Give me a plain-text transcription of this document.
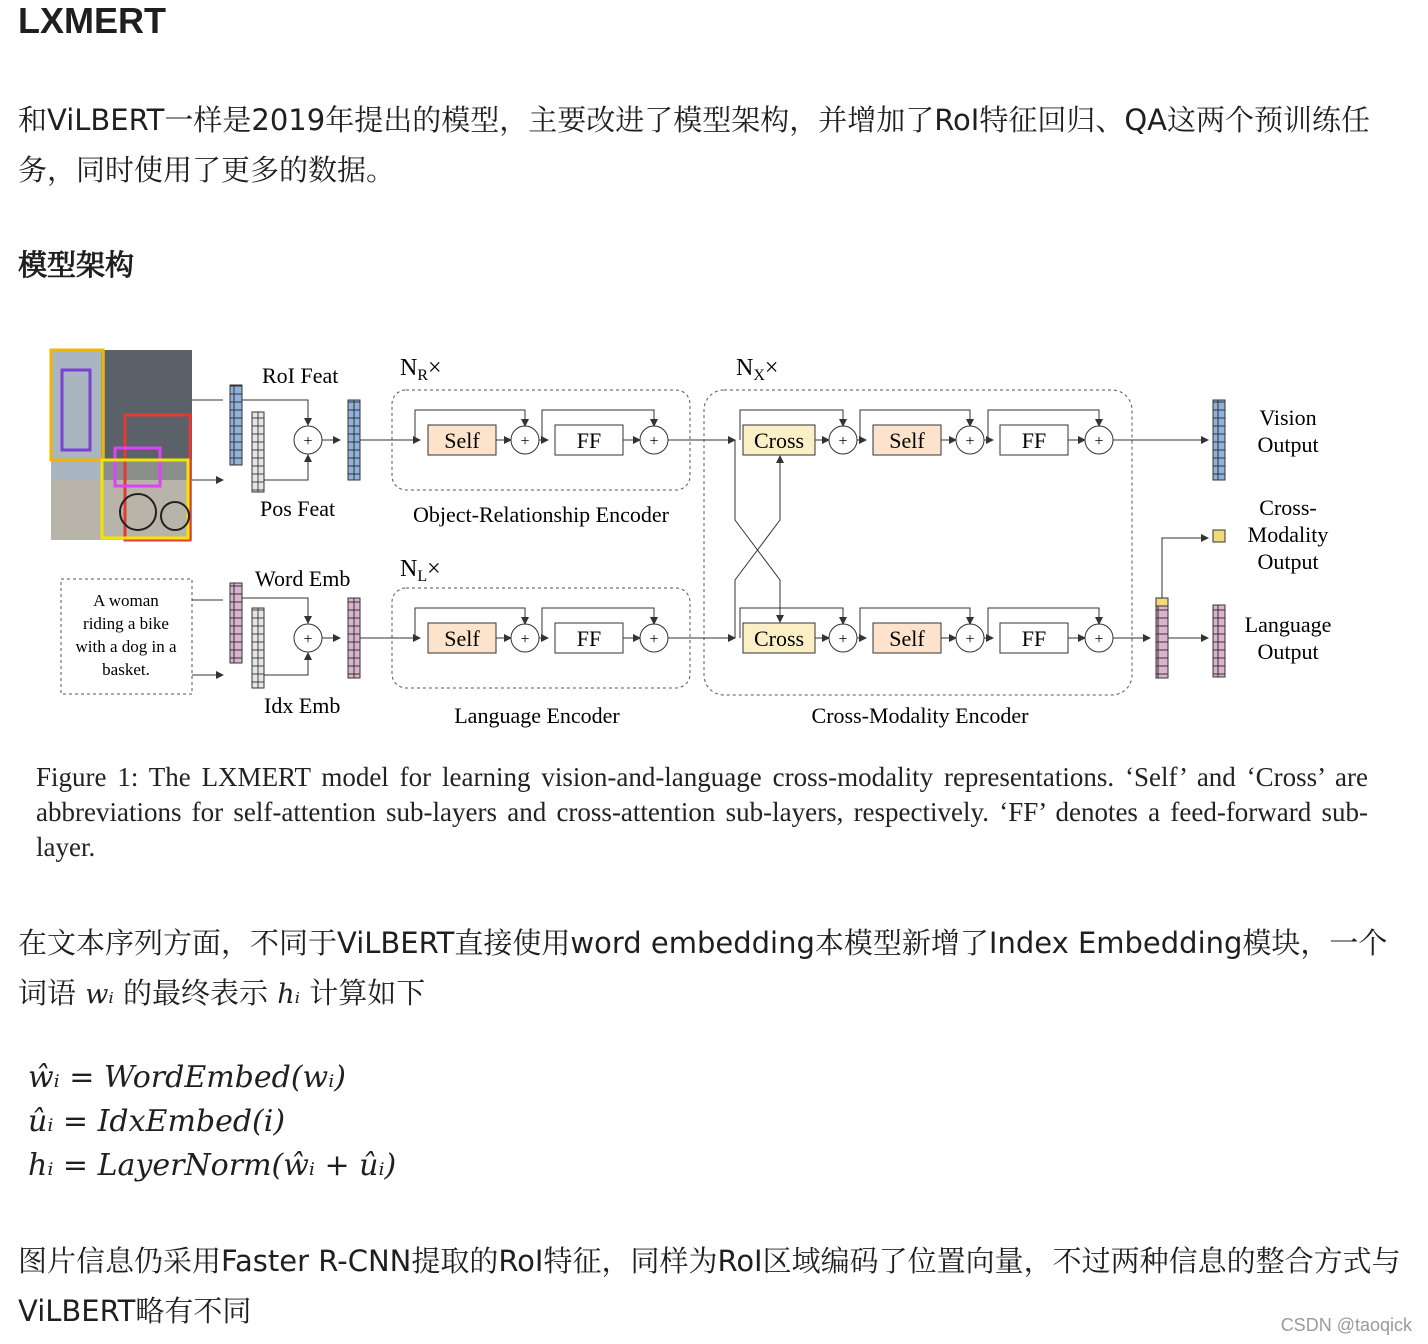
LXMERT

和ViLBERT一样是2019年提出的模型，主要改进了模型架构，并增加了RoI特征回归、QA这两个预训练任务，同时使用了更多的数据。

模型架构
A woman
riding a bike
with a dog in a
basket.
RoI Feat
Pos Feat
+
Word Emb
Idx Emb
+
$N_R\times$
Object-Relationship Encoder
Self	+ FF	+
$N_L\times$
Language Encoder
Self	+ FF	+
$N_X\times$
Cross-Modality Encoder
Cross + Self	+ FF	+
Cross + Self	+ FF	+
Vision
Output
Language
Output
Cross-
Modality
Output

Figure 1: The LXMERT model for learning vision-and-language cross-modality representations. ‘Self’ and ‘Cross’ are abbreviations for self-attention sub-layers and cross-attention sub-layers, respectively. ‘FF’ denotes a feed-forward sub-layer.

在文本序列方面，不同于ViLBERT直接使用word embedding本模型新增了Index Embedding模块，一个词语 wᵢ 的最终表示 hᵢ 计算如下

ŵᵢ = WordEmbed(wᵢ)
ûᵢ = IdxEmbed(i)
hᵢ = LayerNorm(ŵᵢ + ûᵢ)

图片信息仍采用Faster R-CNN提取的RoI特征，同样为RoI区域编码了位置向量，不过两种信息的整合方式与ViLBERT略有不同	CSDN @taoqick
